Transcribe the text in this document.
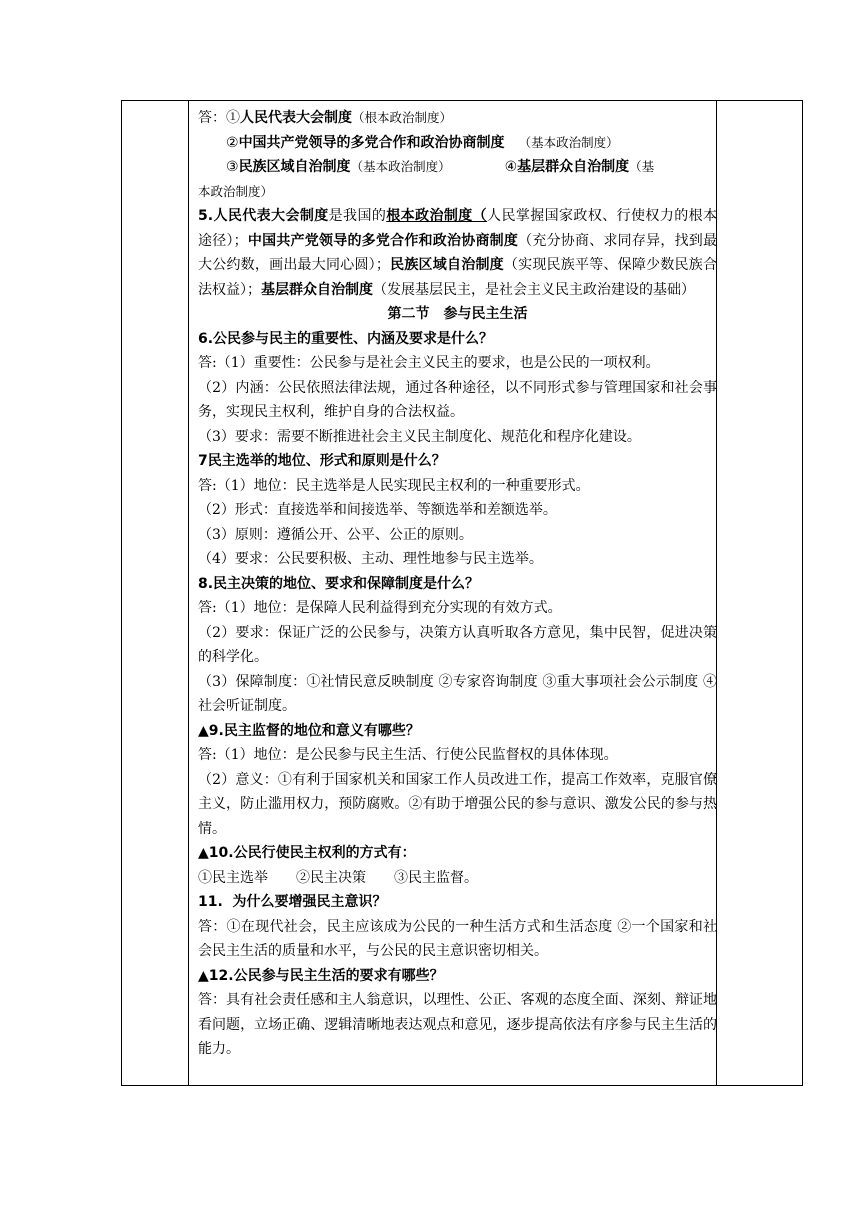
答：①人民代表大会制度（根本政治制度）

②中国共产党领导的多党合作和政治协商制度 （基本政治制度）

③民族区域自治制度（基本政治制度）	④基层群众自治制度（基

本政治制度）

5.人民代表大会制度是我国的根本政治制度（人民掌握国家政权、行使权力的根本途径）；中国共产党领导的多党合作和政治协商制度（充分协商、求同存异，找到最大公约数，画出最大同心圆）；民族区域自治制度（实现民族平等、保障少数民族合法权益）；基层群众自治制度（发展基层民主，是社会主义民主政治建设的基础）

第二节　参与民主生活

6.公民参与民主的重要性、内涵及要求是什么？

答:（1）重要性：公民参与是社会主义民主的要求，也是公民的一项权利。

（2）内涵：公民依照法律法规，通过各种途径，以不同形式参与管理国家和社会事务，实现民主权利，维护自身的合法权益。

（3）要求：需要不断推进社会主义民主制度化、规范化和程序化建设。

7民主选举的地位、形式和原则是什么？

答:（1）地位：民主选举是人民实现民主权利的一种重要形式。

（2）形式：直接选举和间接选举、等额选举和差额选举。

（3）原则：遵循公开、公平、公正的原则。

（4）要求：公民要积极、主动、理性地参与民主选举。

8.民主决策的地位、要求和保障制度是什么？

答:（1）地位：是保障人民利益得到充分实现的有效方式。

（2）要求：保证广泛的公民参与，决策方认真听取各方意见，集中民智，促进决策的科学化。

（3）保障制度：①社情民意反映制度 ②专家咨询制度 ③重大事项社会公示制度 ④社会听证制度。

▲9.民主监督的地位和意义有哪些？

答:（1）地位：是公民参与民主生活、行使公民监督权的具体体现。

（2）意义：①有利于国家机关和国家工作人员改进工作，提高工作效率，克服官僚主义，防止滥用权力，预防腐败。②有助于增强公民的参与意识、激发公民的参与热情。

▲10.公民行使民主权利的方式有：

①民主选举 ②民主决策 ③民主监督。

11.  为什么要增强民主意识？

答：①在现代社会，民主应该成为公民的一种生活方式和生活态度 ②一个国家和社会民主生活的质量和水平，与公民的民主意识密切相关。

▲12.公民参与民主生活的要求有哪些？

答：具有社会责任感和主人翁意识，以理性、公正、客观的态度全面、深刻、辩证地看问题，立场正确、逻辑清晰地表达观点和意见，逐步提高依法有序参与民主生活的能力。
